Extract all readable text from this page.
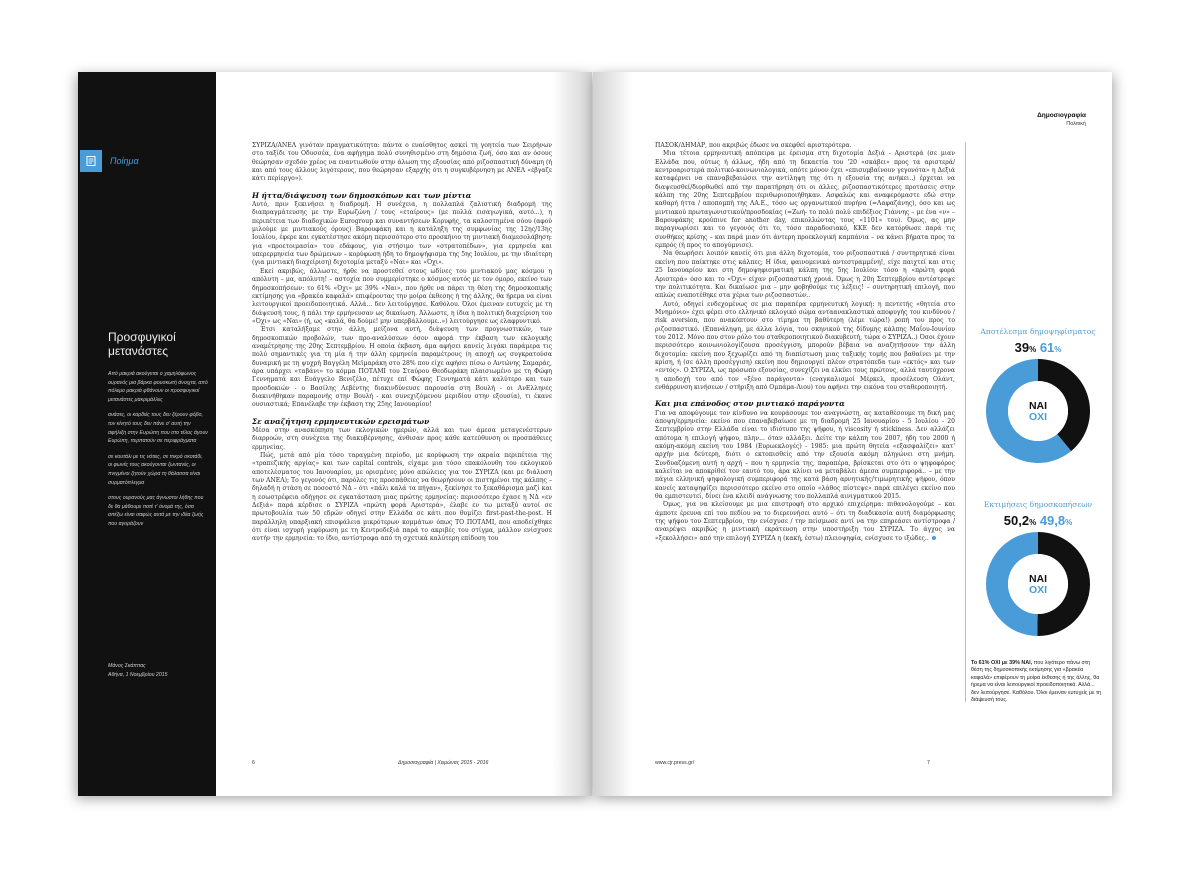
Ποίημα
Προσφυγικοί μετανάστες

Από μακριά ακούγεται ο χαμηλόφωνος ουρανός μια βάρκα φουσκωτή άνοιχτα, από πόλεμο μακριά φθάνουν οι προσφυγικοί μετανάστες μακριμάλλες

ανάσες, οι καρδιές τους δεν ξέρουν φόβο, τον κίνητό τους δεν πάνε σ' αυτή την αφήλιξη στην Ευρώπη που στο τέλος άγουν Ευρώπη, περπατούν σε περιφράγματα

σε κουτάλι με τις νότιες, σε πικρό σκοτάδι, οι φωνές τους ακούγονται ζωντανές, οι πνιγμένοι ζητούν χώρα τη θάλασσα είναι συρματόπλεγμα

στους ουρανούς μας άγνωστοι λήθης που δε θα μάθουμε ποτέ τ' όνομά της, όσα απέξω είναι σαφώς αυτά με την ιδέα ζωής που αγοράζουν

Μάνος Σκάππας
Αθήνα, 1 Νοεμβρίου 2015

ΣΥΡΙΖΑ/ΑΝΕΛ γινόταν πραγματικότητα: πάντα ο ευαίσθητος ασκεί τη γοητεία των Σειρήνων στο ταξίδι του Οδυσσέα, ένα αφήγημα πολύ συνηθισμένο στη δημόσια ζωή, όσο και αν όσους θεώρησαν σχεδόν χρέος να εναντιωθούν στην άλωση της εξουσίας από ριζοσπαστική δύναμη (ή και από τους άλλους λιγότερους, που θεώρησαν εξαρχής ότι η συγκυβέρνηση με ΑΝΕΛ «έβγαζε κάτι περίεργο»).

Η ήττα/διάψευση των δημοσκόπων και των μίντια

Αυτό, πριν ξεκινήσει η διαδρομή. Η συνέχεια, η πολλαπλά ζαλιστική διαδρομή της διαπραγμάτευσης με την Ευρωζώνη / τους «εταίρους» (με πολλά εισαγωγικά, αυτό...), η περιπέτεια των διαδοχικών Eurogroup και συναντήσεων Κορυφής, τα καλοστημένα σόου (αφού μιλούμε με μιντιακούς όρους) Βαρουφάκη και η κατάληξη της συμφωνίας της 12ης/13ης Ιουλίου, έφερε και εγκατέστησε ακόμη περισσότερο στο προσκήνιο τη μιντιακή διαμεσολάβηση: για «προετοιμασία» του εδάφους, για στήσιμο των «στρατοπέδων», για ερμηνεία και υπερερμηνεία των δρώμενων – κορύφωση ήδη το δημοψήφισμα της 5ης Ιουλίου, με την ιδιαίτερη (για μιντιακή διαχείριση) διχοτομία μεταξύ «Ναι» και «Όχι».

Εκεί ακριβώς, άλλωστε, ήρθε να προστεθεί στους ωδίνες του μιντιακού μας κόσμου η απόλυτη – μα, απόλυτη! – αστοχία που συμμερίστηκε ο κόσμος αυτός με τον όμορο, εκείνο των δημοσκοπήσεων: το 61% «Όχι» με 39% «Ναι», που ήρθε να πάρει τη θέση της δημοσκοπικής εκτίμησης για «βρακέα καφαλά» επιφέροντας την μοίρα έκθεσης ή της άλλης, θα ήρεμα να είναι λειτουργικοί προειδοποιητικά. Αλλά... δεν λειτούργησε. Καθόλου. Όλοι έμειναν ευτυχείς με τη διάψευσή τους, ή πάλι την ερμήνευσαν ως δικαίωση. Άλλωστε, η ίδια η πολιτική διαχείριση του «Όχι» ως «Ναι» (ή, ως «καλά, θα δούμε! μην υπερβάλλουμε..») λειτούργησε ως ελαφρυντικό.

Έτσι καταλήξαμε στην άλλη, μείζονα αυτή, διάψευση των προγνωστικών, των δημοσκοπικών προβολών, των προ-αναλύσεων όσον αφορά την έκβαση των εκλογικής αναμέτρησης της 20ης Σεπτεμβρίου. Η οποία έκβαση, άμα αφήσει κανείς λιγάκι παράμερα τις πολύ σημαντικές για τη μία ή την άλλη ερμηνεία παραμέτρους (η αποχή ως συγκρατούσα δυναμική με τη ψυχρή Βαγγέλη Μεϊμαράκη στο 28% που είχε αφήσει πίσω ο Αντώνης Σαμαράς, άρα υπάρχει «ταβάνι» το κόμμα ΠΟΤΑΜΙ του Σταύρου Θεοδωράκη πλαισιωμένο με τη Φώφη Γεννηματά και Ευάγγελο Βενιζέλο, πέτυχε επί Φώφης Γεννηματά κάτι καλύτερο και των προσδοκιών - ο Βασίλης Λεβέντης διακινδύνευσε παρουσία στη Βουλή - οι ΑνΕλληνες διακινήθηκαν παραμονής στην Βουλή - και συνεχιζόμενου μεριδίου στην εξουσία), τι έκανε ουσιαστικά; Επανέλαβε την έκβαση της 25ης Ιανουαρίου!

Σε αναζήτηση ερμηνευτικών ερεισμάτων

Μέσα στην ανασκόπηση των εκλογικών ημερών, αλλά και των άμεσα μεταγενέστερων διαρροών, στη συνέχεια της διακυβέρνησης, άνθισαν προς κάθε κατεύθυνση οι προσπάθειες ερμηνείας.

Πώς, μετά από μία τόσο ταραγμένη περίοδο, με κορύφωση την ακραία περιπέτεια της «τραπεζικής αργίας» και των capital controls, είχαμε μια τόσο επακόλουθη του εκλογικού αποτελέσματος του Ιανουαρίου, με ορισμένες μόνο απώλειες για τον ΣΥΡΙΖΑ (και με διάλυση των ΑΝΕΛ); Το γεγονός ότι, παρόλες τις προσπάθειες να θεωρήσουν οι πιστημένοι της κάλπης – δηλαδή η στάση σε ποσοστό ΝΔ – ότι «πάλι καλά τα πήγαν», ξεκίνησε το ξεκαθάρισμα μαζί και η εσωστρέφεια οδήγησε σε εγκατάσταση μιας πρώτης ερμηνείας: περισσότερο έχασε η ΝΔ «εν Δεξιά» παρά κέρδισε ο ΣΥΡΙΖΑ «πρώτη φορά Αριστερά», έλαβε εν τω μεταξύ αυτοί σε πρωτοβουλία των 50 εδρών οδηγεί στην Ελλάδα σε κάτι που θυμίζει first-past-the-post. Η παράλληλη υπαρξιακή επισφάλεια μικρότερων κομμάτων όπως ΤΟ ΠΟΤΑΜΙ, που αποδείχθηκε ότι είναι ισχυρή γεφύρωση με τη Κεντροδεξιά παρά το ακριβές του στίγμα, μάλλον ενίσχυσε αυτήν την ερμηνεία: το ίδιο, αντίστροφα από τη σχετικά καλύτερη επίδοση του

6	Δημοσιογραφία | Χειμώνας 2015 - 2016
Δημοσιογραφία
Πολιτική

ΠΑΣΟΚ/ΔΗΜΑΡ, που ακριβώς έδωσε να σκεφθεί αριστερότερα.

Μια τέτοια ερμηνευτική απόπειρα με έρεισμα στη διχοτομία Δεξιά - Αριστερά (σε μιαν Ελλάδα που, ούτως ή άλλως, ήδη από τη δεκαετία του '20 «σκάβει» προς τα αριστερά/κεντροαριστερά πολιτικό-κοινωνιολογικά, οπότε μόνον έχει «επισυμβαίνουν γεγονότα» η Δεξιά καταφέρνει να επαναβεβαιώσει την αντίληψη της ότι η εξουσία της ανήκει..) έρχεται να διαψευσθεί/διορθωθεί από την παρατήρηση ότι οι άλλες, ριζοσπαστικότερες προτάσεις στην κάλπη της 20ης Σεπτεμβρίου περιθωριοποιήθηκαν. Ασφαλώς και αναφερόμαστε εδώ στην καθαρή ήττα / αποπομπή της ΛΑ.Ε., τόσο ως οργανωτικού πυρήνα (=Λαφαζάνης), όσο και ως μιντιακού πρωταγωνιστικού/προσδοκίας (=Ζωή- το πολύ πολύ επιδέξιος Γιάννης – με ένα «ν» – Βαρουφάκης κρούπινε for another day, επικολλώντας τους «1101» του). Όμως, ας μην παραγνωρίσει και το γεγονός ότι το, τόσο παραδοσιακό, ΚΚΕ δεν κατόρθωσε παρά τις συνθήκες κρίσης – και παρά μιαν ότι άντερη προεκλογική καμπάνια – να κάνει βήματα προς τα εμπρός (ή προς το απογύμνισε).

Να θεωρήσει λοιπόν κανείς ότι μια άλλη διχοτομία, του ριζοσπαστικά / συντηρητικά είναι εκείνη που παίκτηκε στις κάλπες; Η ίδια, φαινομενικά αντεστραμμένη!, είχε παιχτεί και στις 25 Ιανουαρίου και στη δημοψηφισματική κάλπη της 5ης Ιουλίου: τόσο η «πρώτη φορά Αριστερά» όσο και το «Όχι» είχαν ριζοσπαστική χροιά. Όμως η 20η Σεπτεμβρίου αντέστρεψε την πολιτικότητα. Και δικαίωσε μια – μην φοβηθούμε τις λέξεις! – συντηρητική επιλογή, που απλώς εναποτέθηκε στα χέρια των ριζοσπαστών..

Αυτό, οδηγεί ενδεχομένως σε μια παραπέρα ερμηνευτική λογική: η πεντετής «θητεία στο Μνημόνιο» έχει φέρει στο ελληνικό εκλογικό σώμα ανταανακλαστικά αποφυγής του κινδύνου / risk aversion, που ανακόπτουν στο τίμημα τη βαθύτερη (λέμε τώρα!) ροπή του προς το ριζοσπαστικό. (Επανάληψη, με άλλα λόγια, του σκηνικού της δίδυμης κάλπης Μαΐου-Ιουνίου του 2012. Μόνο που στον ρόλο του σταθεροποιητικού διακυβευτή, τώρα ο ΣΥΡΙΖΑ..) Όσοι έχουν περισσότερο κοινωνιολογίζουσα προσέγγιση, μπορούν βέβαια να αναζητήσουν την άλλη διχοτομία: εκείνη που ξεχωρίζει από τη διαπίστωση μιας ταξικής τομής που βαθαίνει με την κρίση, ή (σε άλλη προσέγγιση) εκείνη που δημιουργεί πλέον στρατόπεδα των «εκτός» και των «εντός». Ο ΣΥΡΙΖΑ, ως πρόσωπο εξουσίας, συνεχίζει να ελκύει τους πρώτους, αλλά ταυτόχρονα η αποδοχή του από τον «ξένο παράγοντα» (εναγκαλισμοί Μέρκελ, προσέλευση Ολάντ, ενθάρρυνση κινήσεων / στήριξη από Ομπάμα-Λιου) του αφήνει την εικόνα του σταθεροποιητή.

Και μια επάνοδος στον μιντιακό παράγοντα

Για να αποφύγουμε τον κίνδυνο να κουράσουμε τον αναγνώστη, ας καταθέσουμε τη δική μας άποψη/ερμηνεία: εκείνο που επαναβεβαίωσε με τη διαδρομή 25 Ιανουαρίου - 5 Ιουλίου - 20 Σεπτεμβρίου στην Ελλάδα είναι το ιδιότυπο της ψήφου, ή viscosity ή stickiness. Δεν αλλάζει απότομα η επιλογή ψήφου, πλην... όταν αλλάξει. Δείτε την κάλπη του 2007, ήδη του 2000 ή ακόμη-ακόμη εκείνη του 1984 (Ευρωεκλογές) - 1985: μια πρώτη θητεία «εξασφαλίζει» κατ' αρχήν μια δεύτερη, διότι ο εκτοπισθείς από την εξουσία ακόμη πληγώνει στη μνήμη. Συνδυαζόμενη αυτή η αρχή – που η ερμηνεία της, παραπέρα, βρίσκεται στο ότι ο ψηφοφόρος καλείται να αποκρίθεί τον εαυτό του, άρα κλίνει να μεταβάλει άμεσα συμπεριφορά.. – με την πάγια ελληνική ψηφολογική συμπεριφορά της κατά βάση αρνητικής/τιμωρητικής ψήφου, όπου κανείς καταψηφίζει περισσότερο εκείνο στο οποίο «λάθος πίστεψε» παρά επιλέγει εκείνο που θα εμπιστευτεί, δίνει ένα κλειδί ανάγνωσης του πολλαπλά αινιγματικού 2015.

Όμως, για να κλείσουμε με μια επιστροφή στο αρχικό επιχείρημα: πιθανολογούμε – και άμποτε έρευνα επί του πεδίου να το διερευνήσει αυτό – ότι τη διαδικασία αυτή διαμόρφωσης της ψήφου του Σεπτεμβρίου, την ενίσχυσε / την πείσμωσε αντί να την επηρεάσει αντίστροφα / αναιρέψει ακριβώς η μιντιακή εκράτευση στην υποστήριξη του ΣΥΡΙΖΑ. Το άγχος να «ξεκολλήσει» από την επιλογή ΣΥΡΙΖΑ η (κακή, έστω) πλειοψηφία, ενίσχυσε το ιξώδες..

Αποτέλεσμα δημοψηφίσματος
39% 61%
ΝΑΙ
ΟΧΙ
Εκτιμήσεις δημοσκοπήσεων
50,2% 49,8%
ΝΑΙ
ΟΧΙ
Το 61% ΟΧΙ με 39% ΝΑΙ, που λιγότερο πάνω στη θέση της δημοσκοπικής εκτίμησης για «βρακέα καφαλά» επιφέρουν τη μοίρα έκθεσης ή της άλλης, θα ήρεμα να είναι λειτουργικοί προειδοποιητικά. Αλλά... δεν λειτούργησε. Καθόλου. Όλοι έμειναν ευτυχείς με τη διάψευσή τους.
www.cjr.press.gr/	7
